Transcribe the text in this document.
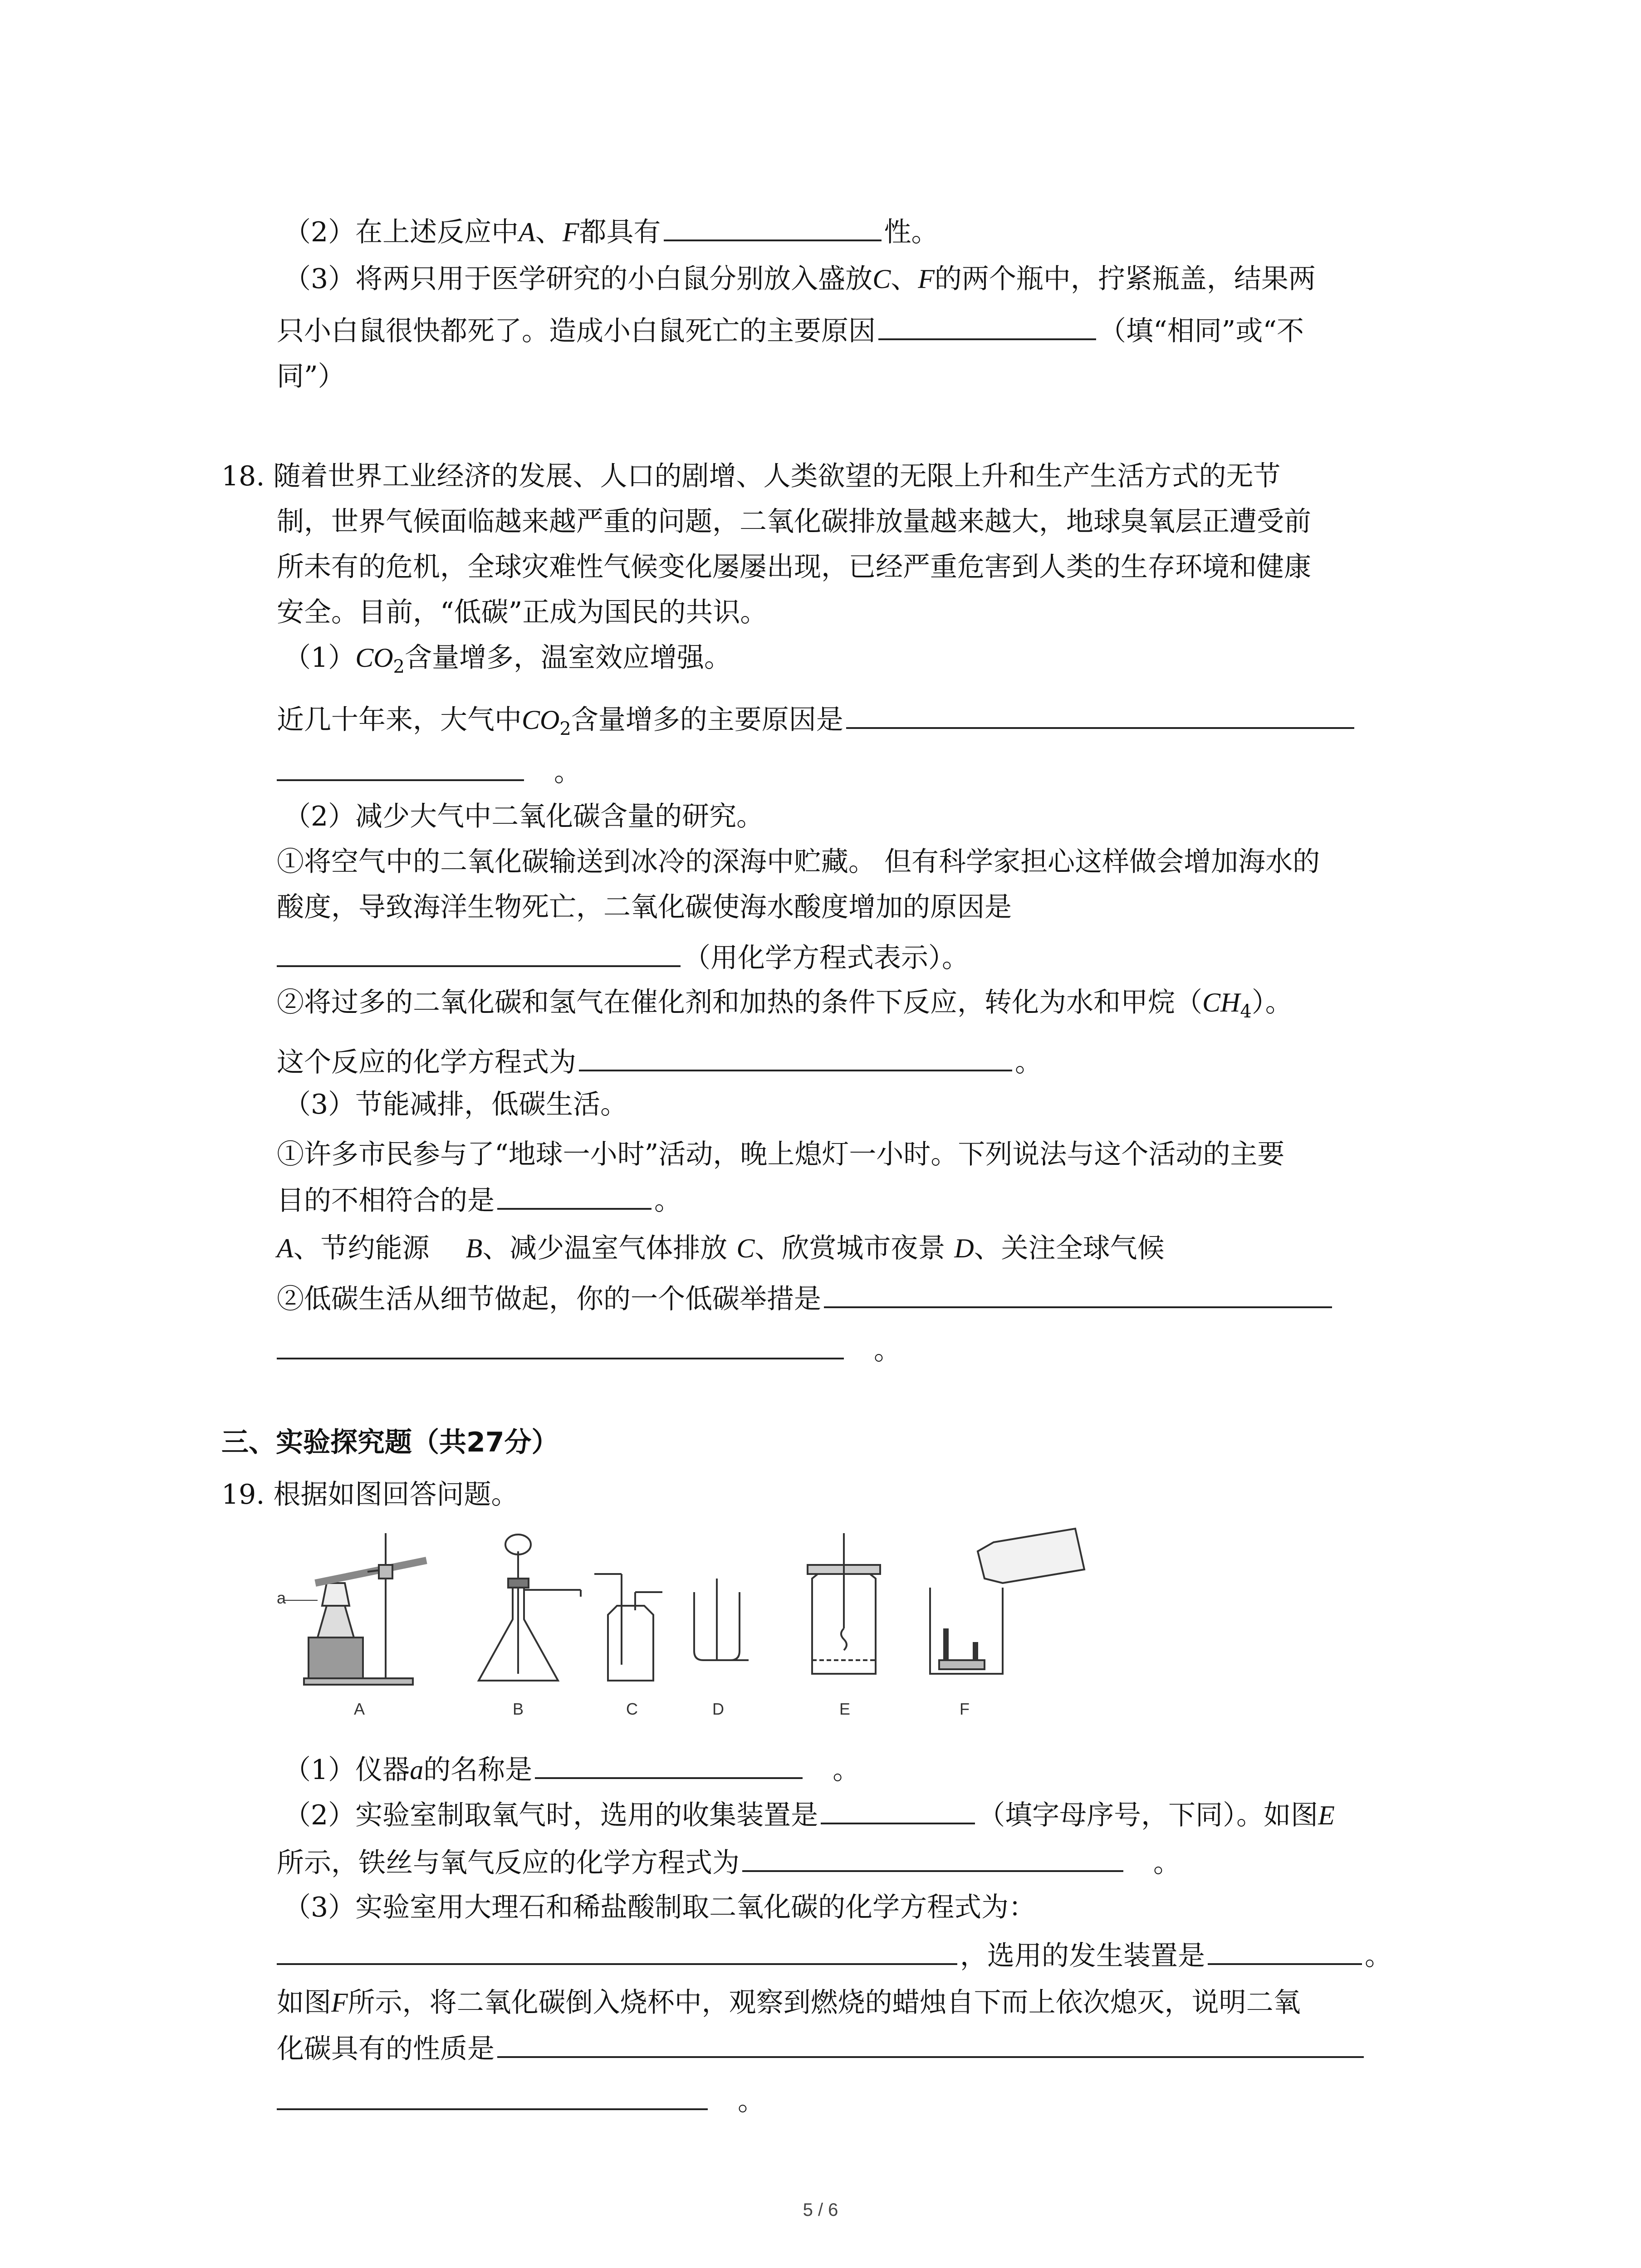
（2）在上述反应中A、F都具有	性。
（3）将两只用于医学研究的小白鼠分别放入盛放C、F的两个瓶中，拧紧瓶盖，结果两
只小白鼠很快都死了。造成小白鼠死亡的主要原因	（填“相同”或“不
同”）
18. 随着世界工业经济的发展、人口的剧增、人类欲望的无限上升和生产生活方式的无节
制，世界气候面临越来越严重的问题，二氧化碳排放量越来越大，地球臭氧层正遭受前
所未有的危机，全球灾难性气候变化屡屡出现，已经严重危害到人类的生存环境和健康
安全。目前，“低碳”正成为国民的共识。
$(1)CO_2$含量增多，温室效应增强。
近几十年来，大气中$CO_2$含量增多的主要原因是
。
（2）减少大气中二氧化碳含量的研究。
①将空气中的二氧化碳输送到冰冷的深海中贮藏。 但有科学家担心这样做会增加海水的
酸度，导致海洋生物死亡，二氧化碳使海水酸度增加的原因是
（用化学方程式表示）。
②将过多的二氧化碳和氢气在催化剂和加热的条件下反应，转化为水和甲烷$(CH_4)$。
这个反应的化学方程式为	。
（3）节能减排，低碳生活。
①许多市民参与了“地球一小时”活动，晚上熄灯一小时。下列说法与这个活动的主要
目的不相符合的是	。
A、节约能源 B、减少温室气体排放 C、欣赏城市夜景 D、关注全球气候
②低碳生活从细节做起，你的一个低碳举措是
。
三、实验探究题（共27分）
19. 根据如图回答问题。
a
A	B	C	D	E	F
（1）仪器a的名称是	。
（2）实验室制取氧气时，选用的收集装置是	（填字母序号，下同）。如图E
所示，铁丝与氧气反应的化学方程式为	。
（3）实验室用大理石和稀盐酸制取二氧化碳的化学方程式为：
，选用的发生装置是	。
如图F所示，将二氧化碳倒入烧杯中，观察到燃烧的蜡烛自下而上依次熄灭，说明二氧
化碳具有的性质是
。
5 / 6
